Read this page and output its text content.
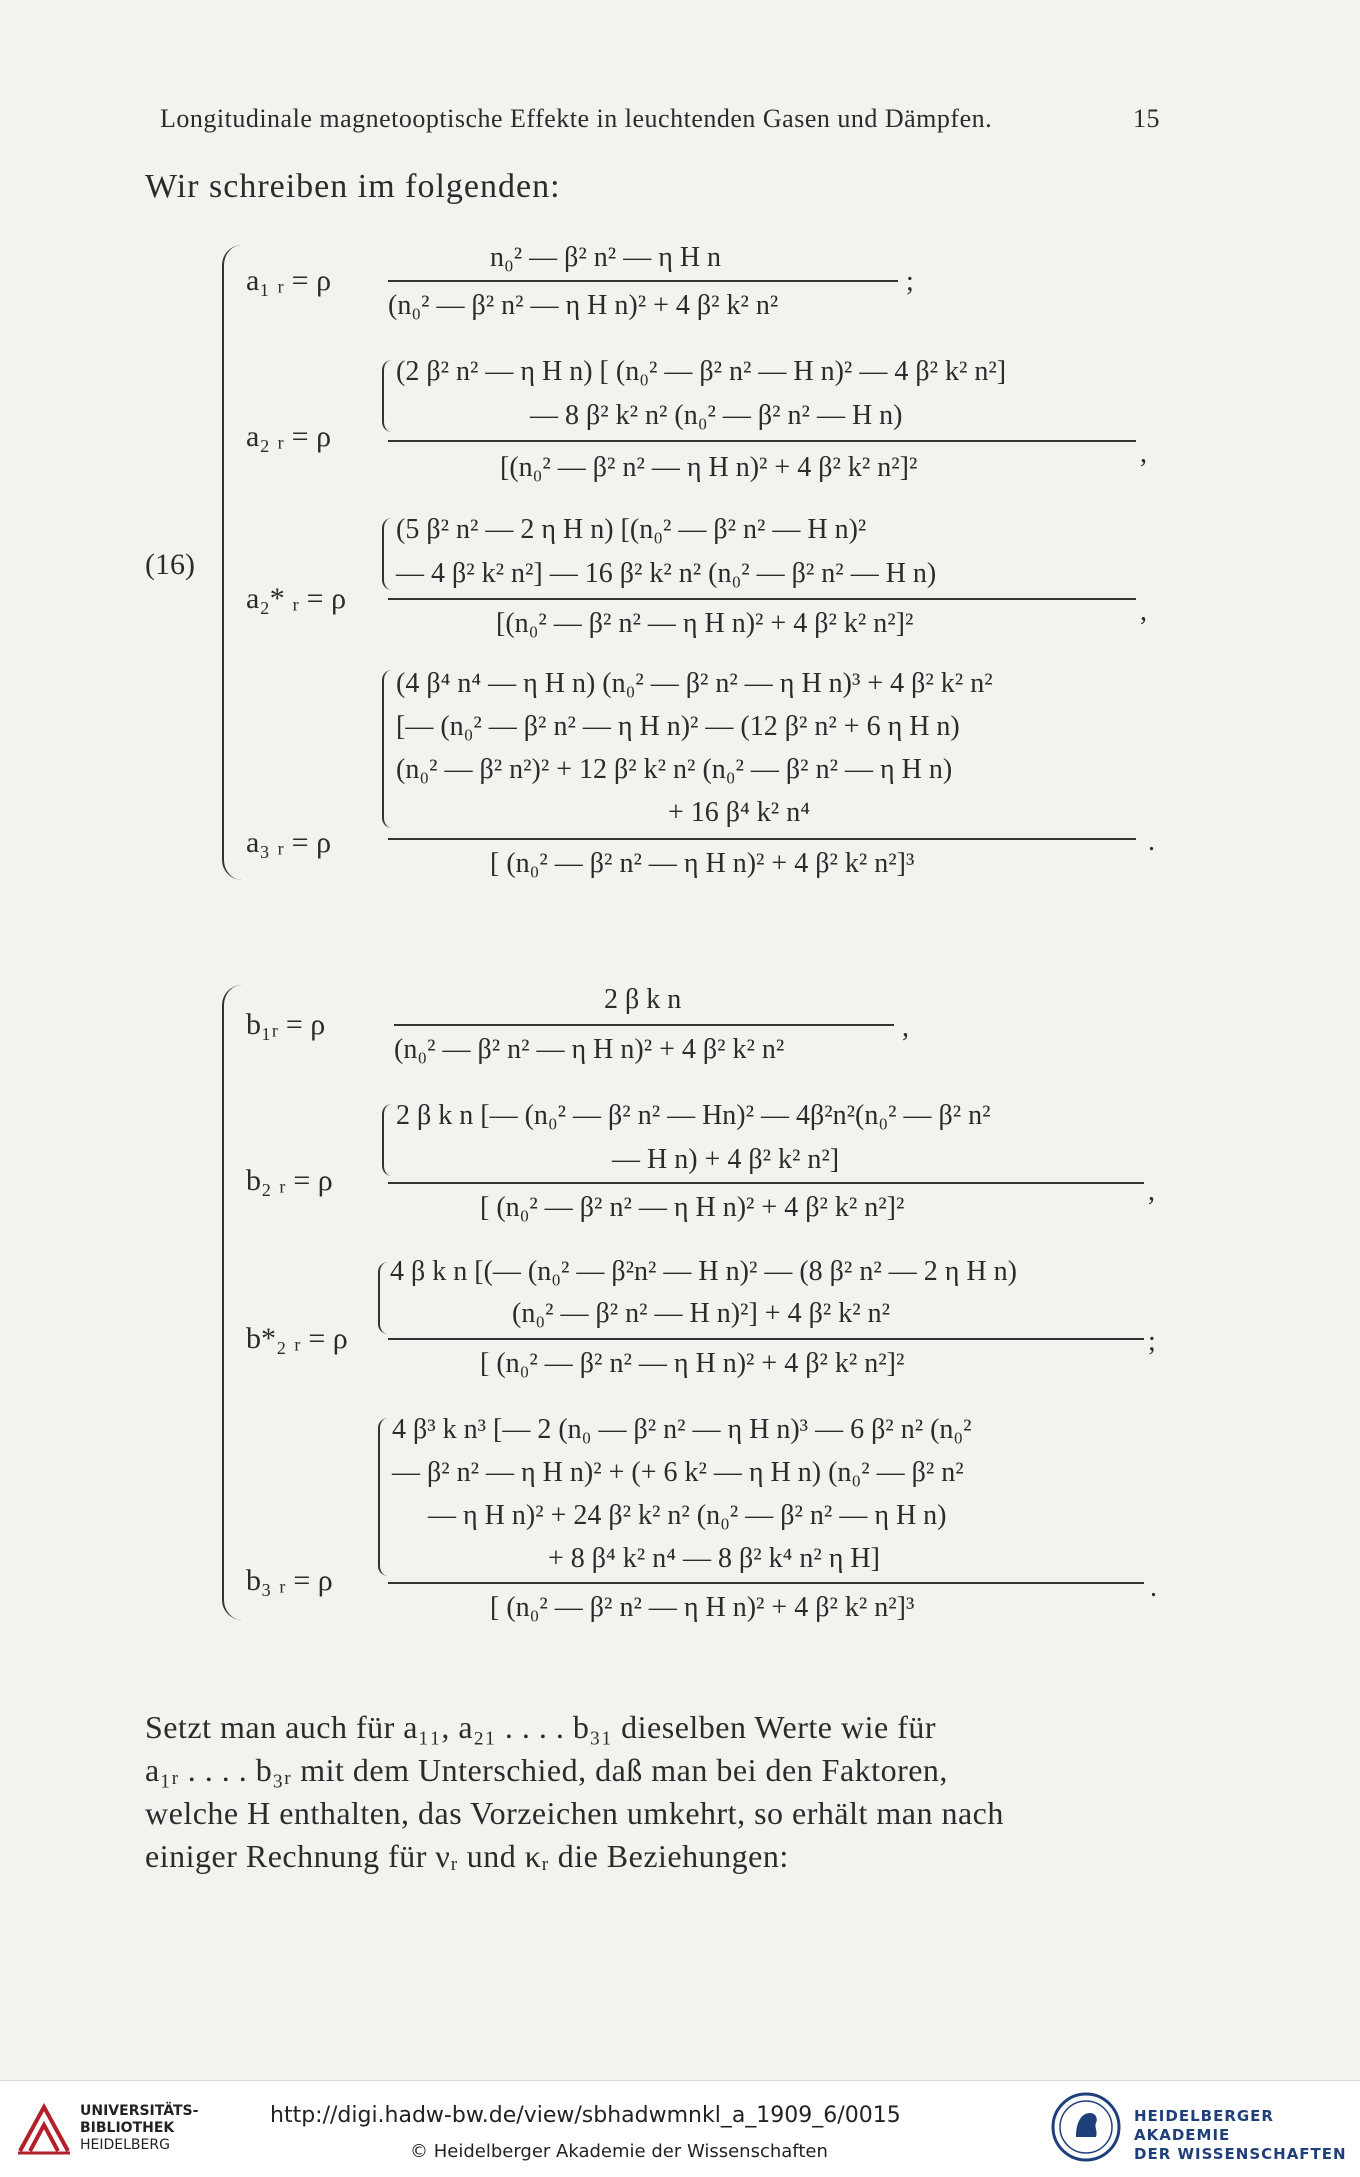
Longitudinale magnetooptische Effekte in leuchtenden Gasen und Dämpfen.	15
Wir schreiben im folgenden:
(16)
a₁ ᵣ = ρ
n₀² — β² n² — η H n
(n₀² — β² n² — η H n)² + 4 β² k² n²
;
a₂ ᵣ = ρ
(2 β² n² — η H n) [ (n₀² — β² n² — H n)² — 4 β² k² n²]
— 8 β² k² n² (n₀² — β² n² — H n)
[(n₀² — β² n² — η H n)² + 4 β² k² n²]²	,
a₂* ᵣ = ρ
(5 β² n² — 2 η H n) [(n₀² — β² n² — H n)²
— 4 β² k² n²] — 16 β² k² n² (n₀² — β² n² — H n)
[(n₀² — β² n² — η H n)² + 4 β² k² n²]²	,
a₃ ᵣ = ρ
(4 β⁴ n⁴ — η H n) (n₀² — β² n² — η H n)³ + 4 β² k² n²
[— (n₀² — β² n² — η H n)² — (12 β² n² + 6 η H n)
(n₀² — β² n²)² + 12 β² k² n² (n₀² — β² n² — η H n)
+ 16 β⁴ k² n⁴
[ (n₀² — β² n² — η H n)² + 4 β² k² n²]³
.
b₁ᵣ = ρ
2 β k n
(n₀² — β² n² — η H n)² + 4 β² k² n²
,
b₂ ᵣ = ρ
2 β k n [— (n₀² — β² n² — Hn)² — 4β²n²(n₀² — β² n²
— H n) + 4 β² k² n²]
[ (n₀² — β² n² — η H n)² + 4 β² k² n²]²
,
b*₂ ᵣ = ρ
4 β k n [(— (n₀² — β²n² — H n)² — (8 β² n² — 2 η H n)
(n₀² — β² n² — H n)²] + 4 β² k² n²
[ (n₀² — β² n² — η H n)² + 4 β² k² n²]²
;
b₃ ᵣ = ρ
4 β³ k n³ [— 2 (n₀ — β² n² — η H n)³ — 6 β² n² (n₀²
— β² n² — η H n)² + (+ 6 k² — η H n) (n₀² — β² n²
— η H n)² + 24 β² k² n² (n₀² — β² n² — η H n)
+ 8 β⁴ k² n⁴ — 8 β² k⁴ n² η H]
[ (n₀² — β² n² — η H n)² + 4 β² k² n²]³
.

Setzt man auch für a₁₁, a₂₁ . . . . b₃₁ dieselben Werte wie für

a₁ᵣ . . . . b₃ᵣ mit dem Unterschied, daß man bei den Faktoren,

welche H enthalten, das Vorzeichen umkehrt, so erhält man nach

einiger Rechnung für νᵣ und κᵣ die Beziehungen:

UNIVERSITÄTS-
BIBLIOTHEK
HEIDELBERG
http://digi.hadw-bw.de/view/sbhadwmnkl_a_1909_6/0015
© Heidelberger Akademie der Wissenschaften
HEIDELBERGER AKADEMIE
DER WISSENSCHAFTEN
